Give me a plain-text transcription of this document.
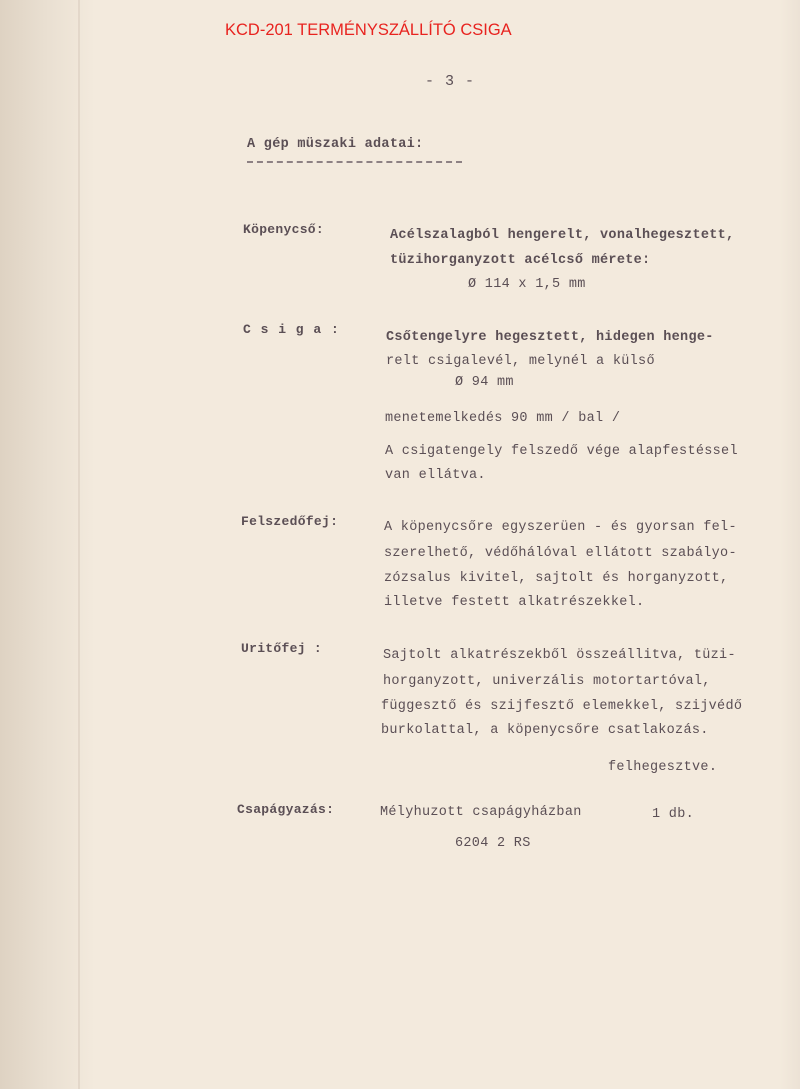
KCD-201 TERMÉNYSZÁLLÍTÓ CSIGA
- 3 -
A gép müszaki adatai:
Köpenycső:	Acélszalagból hengerelt, vonalhegesztett,
tüzihorganyzott acélcső mérete:
Ø 114 x 1,5 mm
C s i g a :
Csőtengelyre hegesztett, hidegen henge-
relt csigalevél, melynél a külső
Ø 94 mm
menetemelkedés 90 mm / bal /
A csigatengely felszedő vége alapfestéssel
van ellátva.
Felszedőfej:	A köpenycsőre egyszerüen - és gyorsan fel-
szerelhető, védőhálóval ellátott szabályo-
zózsalus kivitel, sajtolt és horganyzott,
illetve festett alkatrészekkel.
Uritőfej :	Sajtolt alkatrészekből összeállitva, tüzi-
horganyzott, univerzális motortartóval,
függesztő és szijfesztő elemekkel, szijvédő
burkolattal, a köpenycsőre csatlakozás.
felhegesztve.
Csapágyazás:	Mélyhuzott csapágyházban	1 db.
6204 2 RS
